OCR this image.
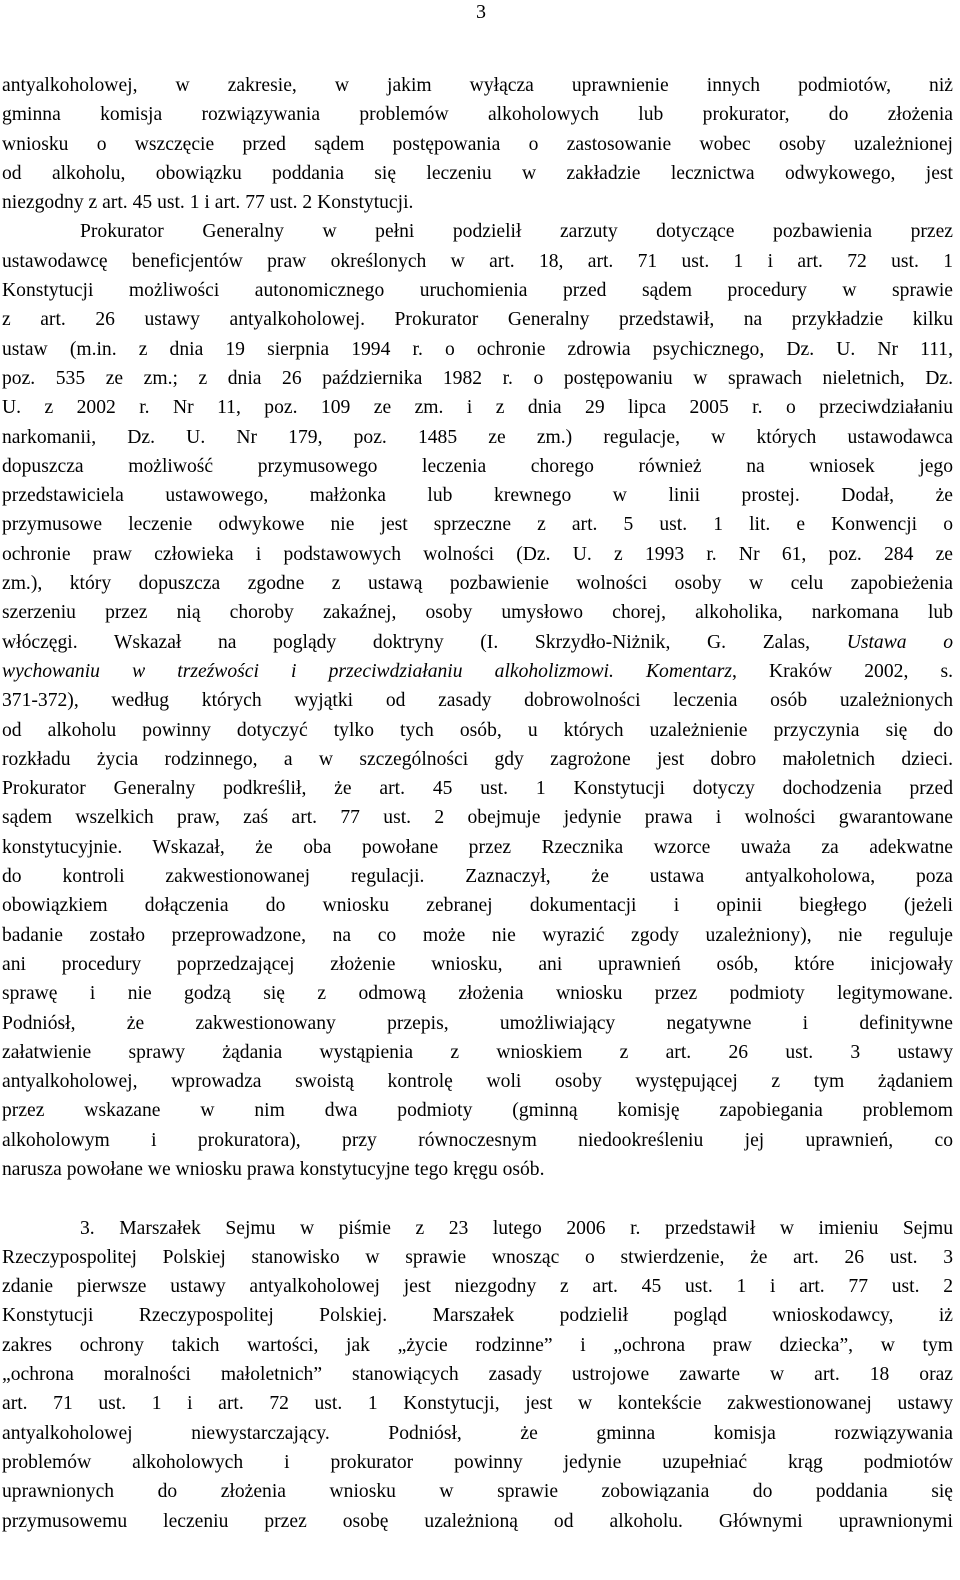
3
antyalkoholowej, w zakresie, w jakim wyłącza uprawnienie innych podmiotów, niż
gminna komisja rozwiązywania problemów alkoholowych lub prokurator, do złożenia
wniosku o wszczęcie przed sądem postępowania o zastosowanie wobec osoby uzależnionej
od alkoholu, obowiązku poddania się leczeniu w zakładzie lecznictwa odwykowego, jest
niezgodny z art. 45 ust. 1 i art. 77 ust. 2 Konstytucji.
Prokurator Generalny w pełni podzielił zarzuty dotyczące pozbawienia przez
ustawodawcę beneficjentów praw określonych w art. 18, art. 71 ust. 1 i art. 72 ust. 1
Konstytucji możliwości autonomicznego uruchomienia przed sądem procedury w sprawie
z art. 26 ustawy antyalkoholowej. Prokurator Generalny przedstawił, na przykładzie kilku
ustaw (m.in. z dnia 19 sierpnia 1994 r. o ochronie zdrowia psychicznego, Dz. U. Nr 111,
poz. 535 ze zm.; z dnia 26 października 1982 r. o postępowaniu w sprawach nieletnich, Dz.
U. z 2002 r. Nr 11, poz. 109 ze zm. i z dnia 29 lipca 2005 r. o przeciwdziałaniu
narkomanii, Dz. U. Nr 179, poz. 1485 ze zm.) regulacje, w których ustawodawca
dopuszcza możliwość przymusowego leczenia chorego również na wniosek jego
przedstawiciela ustawowego, małżonka lub krewnego w linii prostej. Dodał, że
przymusowe leczenie odwykowe nie jest sprzeczne z art. 5 ust. 1 lit. e Konwencji o
ochronie praw człowieka i podstawowych wolności (Dz. U. z 1993 r. Nr 61, poz. 284 ze
zm.), który dopuszcza zgodne z ustawą pozbawienie wolności osoby w celu zapobieżenia
szerzeniu przez nią choroby zakaźnej, osoby umysłowo chorej, alkoholika, narkomana lub
włóczęgi. Wskazał na poglądy doktryny (I. Skrzydło-Niżnik, G. Zalas, Ustawa o
wychowaniu w trzeźwości i przeciwdziałaniu alkoholizmowi. Komentarz, Kraków 2002, s.
371-372), według których wyjątki od zasady dobrowolności leczenia osób uzależnionych
od alkoholu powinny dotyczyć tylko tych osób, u których uzależnienie przyczynia się do
rozkładu życia rodzinnego, a w szczególności gdy zagrożone jest dobro małoletnich dzieci.
Prokurator Generalny podkreślił, że art. 45 ust. 1 Konstytucji dotyczy dochodzenia przed
sądem wszelkich praw, zaś art. 77 ust. 2 obejmuje jedynie prawa i wolności gwarantowane
konstytucyjnie. Wskazał, że oba powołane przez Rzecznika wzorce uważa za adekwatne
do kontroli zakwestionowanej regulacji. Zaznaczył, że ustawa antyalkoholowa, poza
obowiązkiem dołączenia do wniosku zebranej dokumentacji i opinii biegłego (jeżeli
badanie zostało przeprowadzone, na co może nie wyrazić zgody uzależniony), nie reguluje
ani procedury poprzedzającej złożenie wniosku, ani uprawnień osób, które inicjowały
sprawę i nie godzą się z odmową złożenia wniosku przez podmioty legitymowane.
Podniósł, że zakwestionowany przepis, umożliwiający negatywne i definitywne
załatwienie sprawy żądania wystąpienia z wnioskiem z art. 26 ust. 3 ustawy
antyalkoholowej, wprowadza swoistą kontrolę woli osoby występującej z tym żądaniem
przez wskazane w nim dwa podmioty (gminną komisję zapobiegania problemom
alkoholowym i prokuratora), przy równoczesnym niedookreśleniu jej uprawnień, co
narusza powołane we wniosku prawa konstytucyjne tego kręgu osób.
3. Marszałek Sejmu w piśmie z 23 lutego 2006 r. przedstawił w imieniu Sejmu
Rzeczypospolitej Polskiej stanowisko w sprawie wnosząc o stwierdzenie, że art. 26 ust. 3
zdanie pierwsze ustawy antyalkoholowej jest niezgodny z art. 45 ust. 1 i art. 77 ust. 2
Konstytucji Rzeczypospolitej Polskiej. Marszałek podzielił pogląd wnioskodawcy, iż
zakres ochrony takich wartości, jak „życie rodzinne” i „ochrona praw dziecka”, w tym
„ochrona moralności małoletnich” stanowiących zasady ustrojowe zawarte w art. 18 oraz
art. 71 ust. 1 i art. 72 ust. 1 Konstytucji, jest w kontekście zakwestionowanej ustawy
antyalkoholowej niewystarczający. Podniósł, że gminna komisja rozwiązywania
problemów alkoholowych i prokurator powinny jedynie uzupełniać krąg podmiotów
uprawnionych do złożenia wniosku w sprawie zobowiązania do poddania się
przymusowemu leczeniu przez osobę uzależnioną od alkoholu. Głównymi uprawnionymi
